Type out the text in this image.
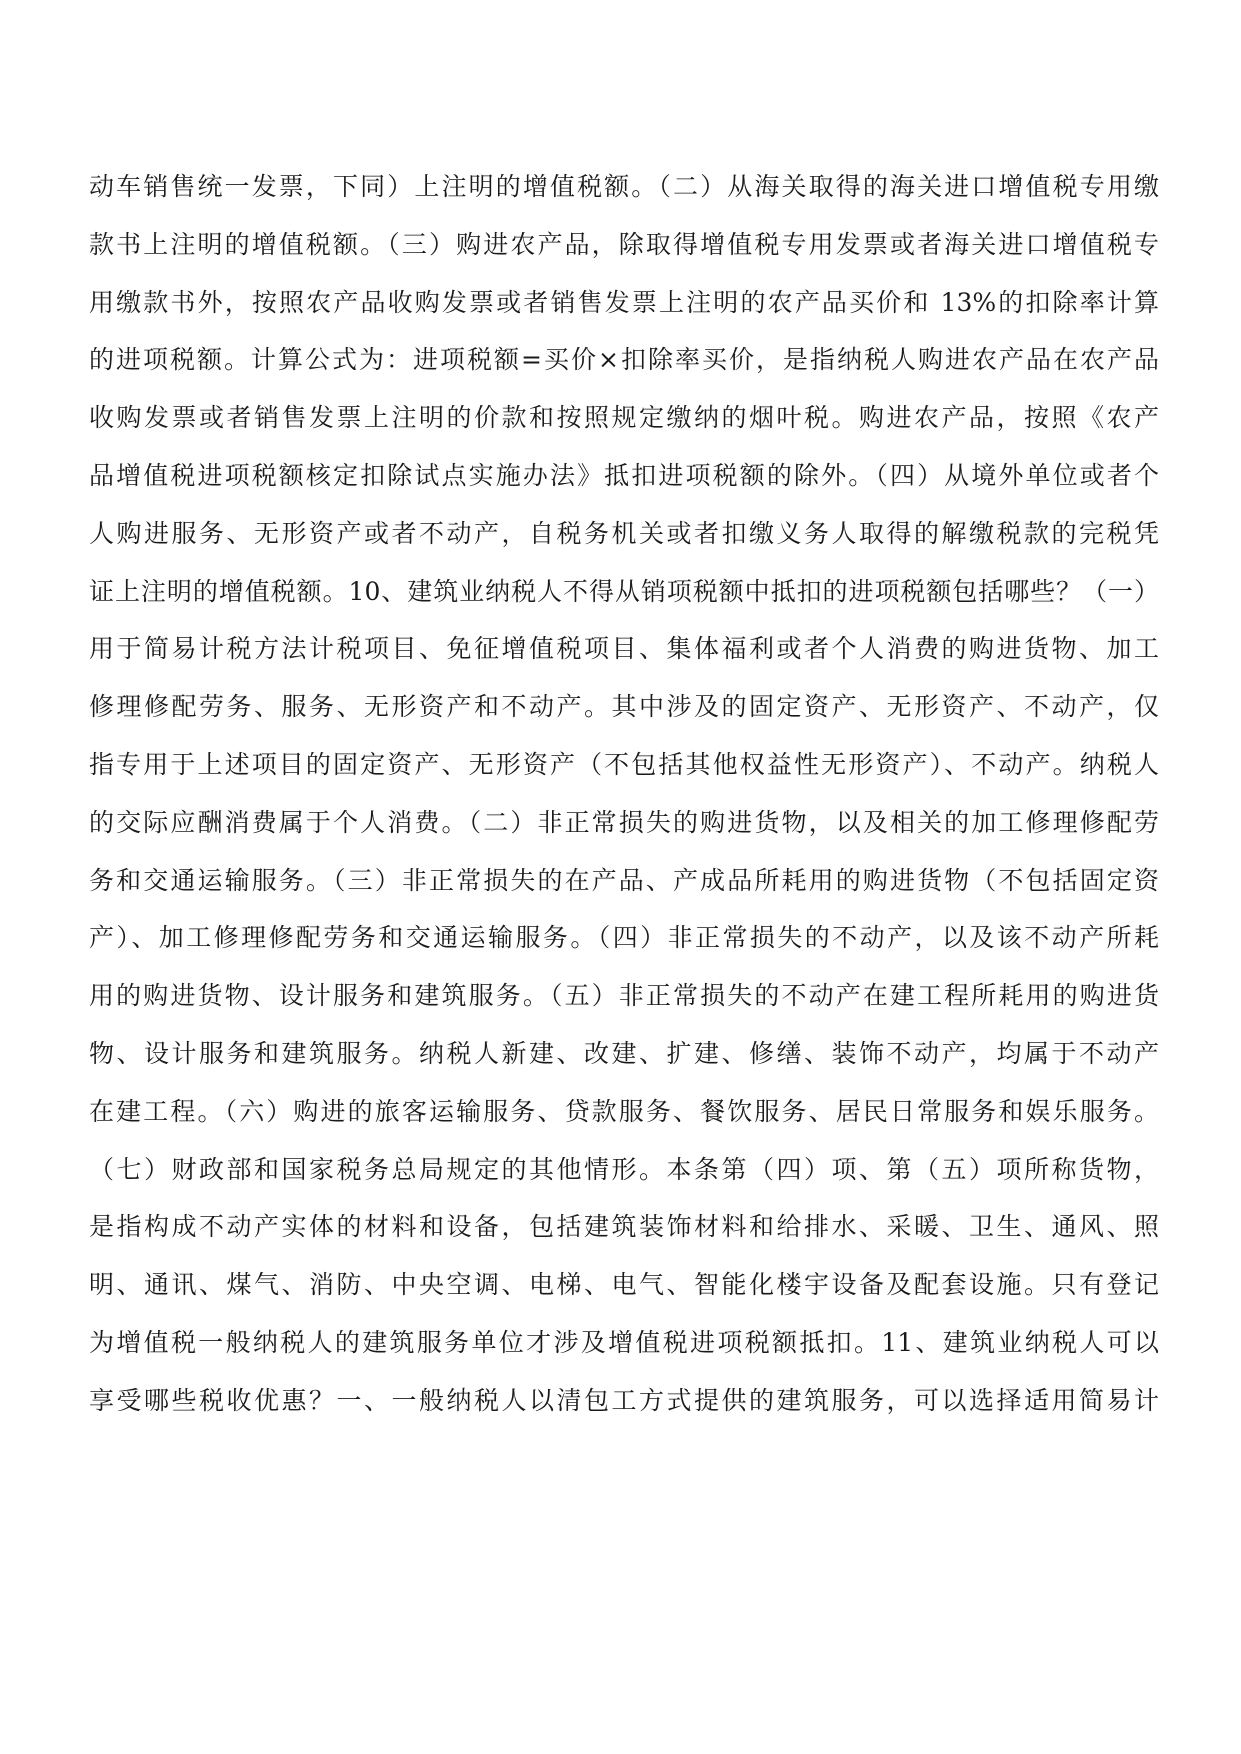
动车销售统一发票，下同）上注明的增值税额。（二）从海关取得的海关进口增值税专用缴
款书上注明的增值税额。（三）购进农产品，除取得增值税专用发票或者海关进口增值税专
用缴款书外，按照农产品收购发票或者销售发票上注明的农产品买价和 13%的扣除率计算
的进项税额。计算公式为：进项税额=买价×扣除率买价，是指纳税人购进农产品在农产品
收购发票或者销售发票上注明的价款和按照规定缴纳的烟叶税。购进农产品，按照《农产
品增值税进项税额核定扣除试点实施办法》抵扣进项税额的除外。（四）从境外单位或者个
人购进服务、无形资产或者不动产，自税务机关或者扣缴义务人取得的解缴税款的完税凭
证上注明的增值税额。10、建筑业纳税人不得从销项税额中抵扣的进项税额包括哪些？（一）
用于简易计税方法计税项目、免征增值税项目、集体福利或者个人消费的购进货物、加工
修理修配劳务、服务、无形资产和不动产。其中涉及的固定资产、无形资产、不动产，仅
指专用于上述项目的固定资产、无形资产（不包括其他权益性无形资产）、不动产。纳税人
的交际应酬消费属于个人消费。（二）非正常损失的购进货物，以及相关的加工修理修配劳
务和交通运输服务。（三）非正常损失的在产品、产成品所耗用的购进货物（不包括固定资
产）、加工修理修配劳务和交通运输服务。（四）非正常损失的不动产，以及该不动产所耗
用的购进货物、设计服务和建筑服务。（五）非正常损失的不动产在建工程所耗用的购进货
物、设计服务和建筑服务。纳税人新建、改建、扩建、修缮、装饰不动产，均属于不动产
在建工程。（六）购进的旅客运输服务、贷款服务、餐饮服务、居民日常服务和娱乐服务。
（七）财政部和国家税务总局规定的其他情形。本条第（四）项、第（五）项所称货物，
是指构成不动产实体的材料和设备，包括建筑装饰材料和给排水、采暖、卫生、通风、照
明、通讯、煤气、消防、中央空调、电梯、电气、智能化楼宇设备及配套设施。只有登记
为增值税一般纳税人的建筑服务单位才涉及增值税进项税额抵扣。11、建筑业纳税人可以
享受哪些税收优惠？一、一般纳税人以清包工方式提供的建筑服务，可以选择适用简易计
